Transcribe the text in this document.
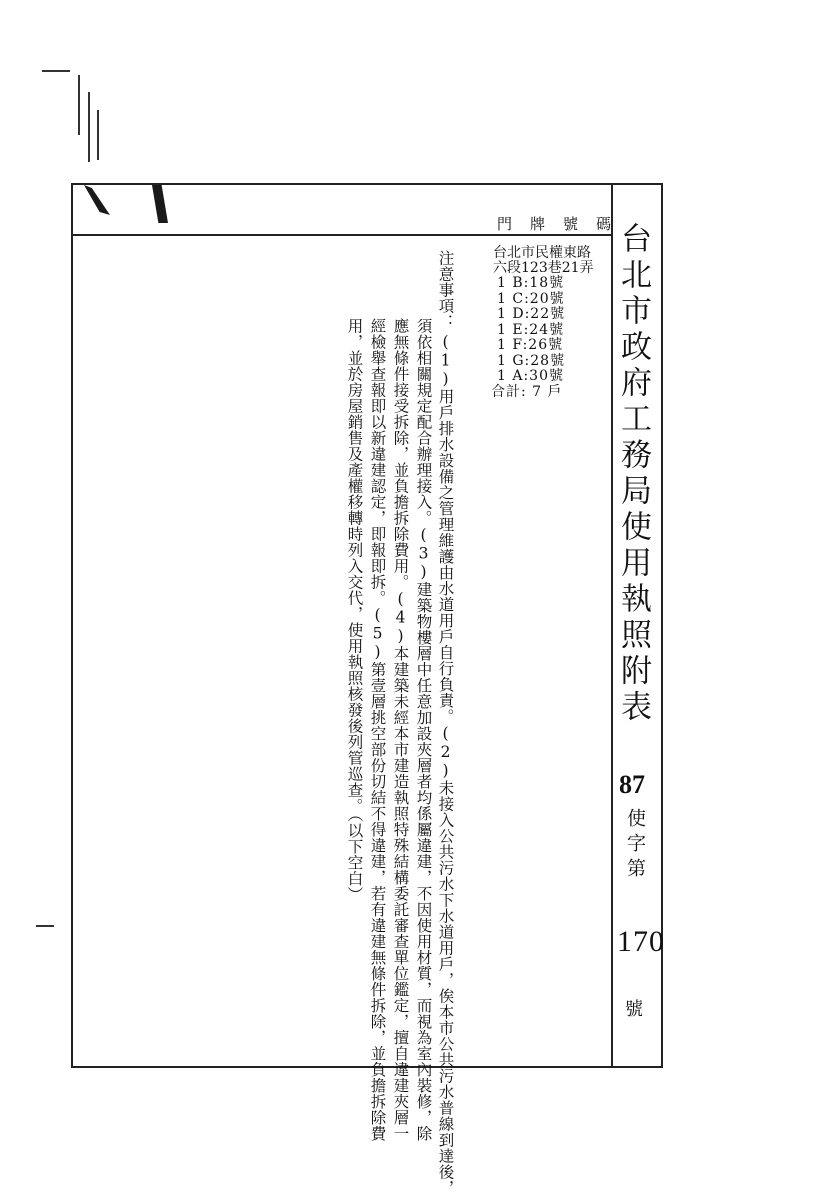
台北市政府工務局使用執照附表
87
使字第
170
號
門牌號碼
台北市民權東路
六段123巷21弄
1 B:18號
1 C:20號
1 D:22號
1 E:24號
1 F:26號
1 G:28號
1 A:30號
合計: 7 戶
注意事項：
(1)用戶排水設備之管理維護由水道用戶自行負責。(2)未接入公共污水下水道用戶，俟本市公共污水普線到達後，
須依相關規定配合辦理接入。(3)建築物樓層中任意加設夾層者均係屬違建，不因使用材質，而視為室內裝修，除
應無條件接受拆除，並負擔拆除費用。(4)本建築未經本市建造執照特殊結構委託審查單位鑑定，擅自違建夾層一
經檢舉查報即以新違建認定，即報即拆。(5)第壹層挑空部份切結不得違建，若有違建無條件拆除，並負擔拆除費
用，並於房屋銷售及產權移轉時列入交代，使用執照核發後列管巡查。（以下空白）
